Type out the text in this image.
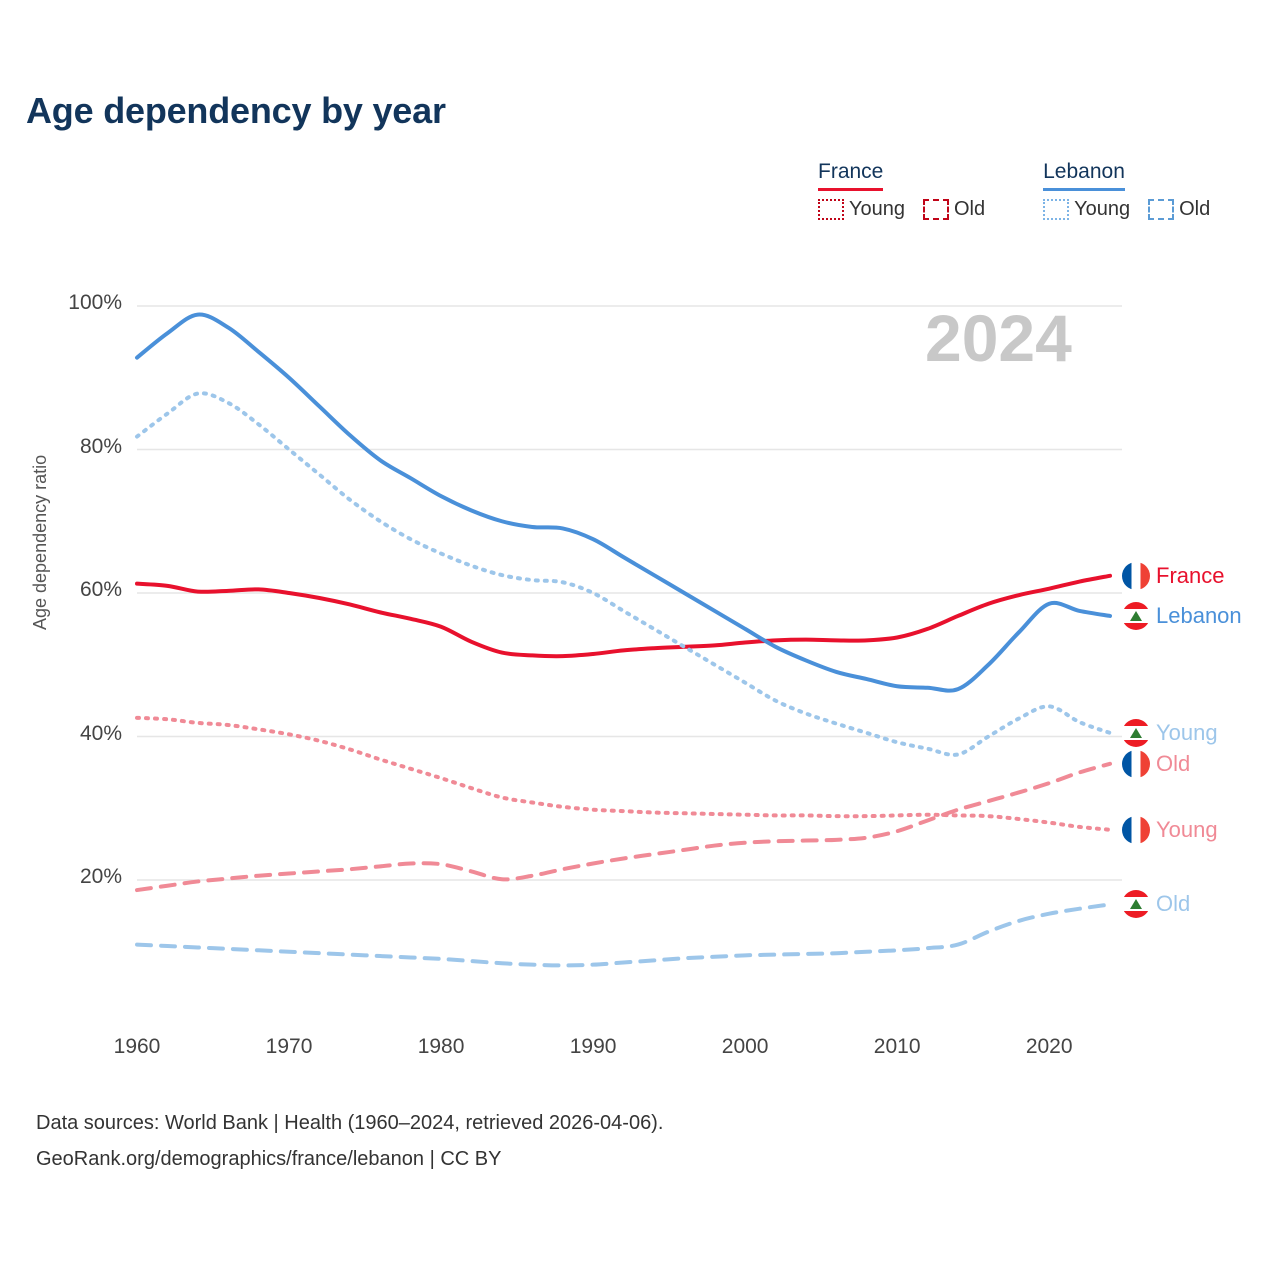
Age dependency by year
France
Young Old
Lebanon
Young Old
2024
Age dependency ratio
20%
40%
60%
80%
100%
1960	1970	1980	1990	2000	2010	2020
France
Lebanon
Young
Old
Young
Old
Data sources: World Bank | Health (1960–2024, retrieved 2026-04-06).
GeoRank.org/demographics/france/lebanon | CC BY
